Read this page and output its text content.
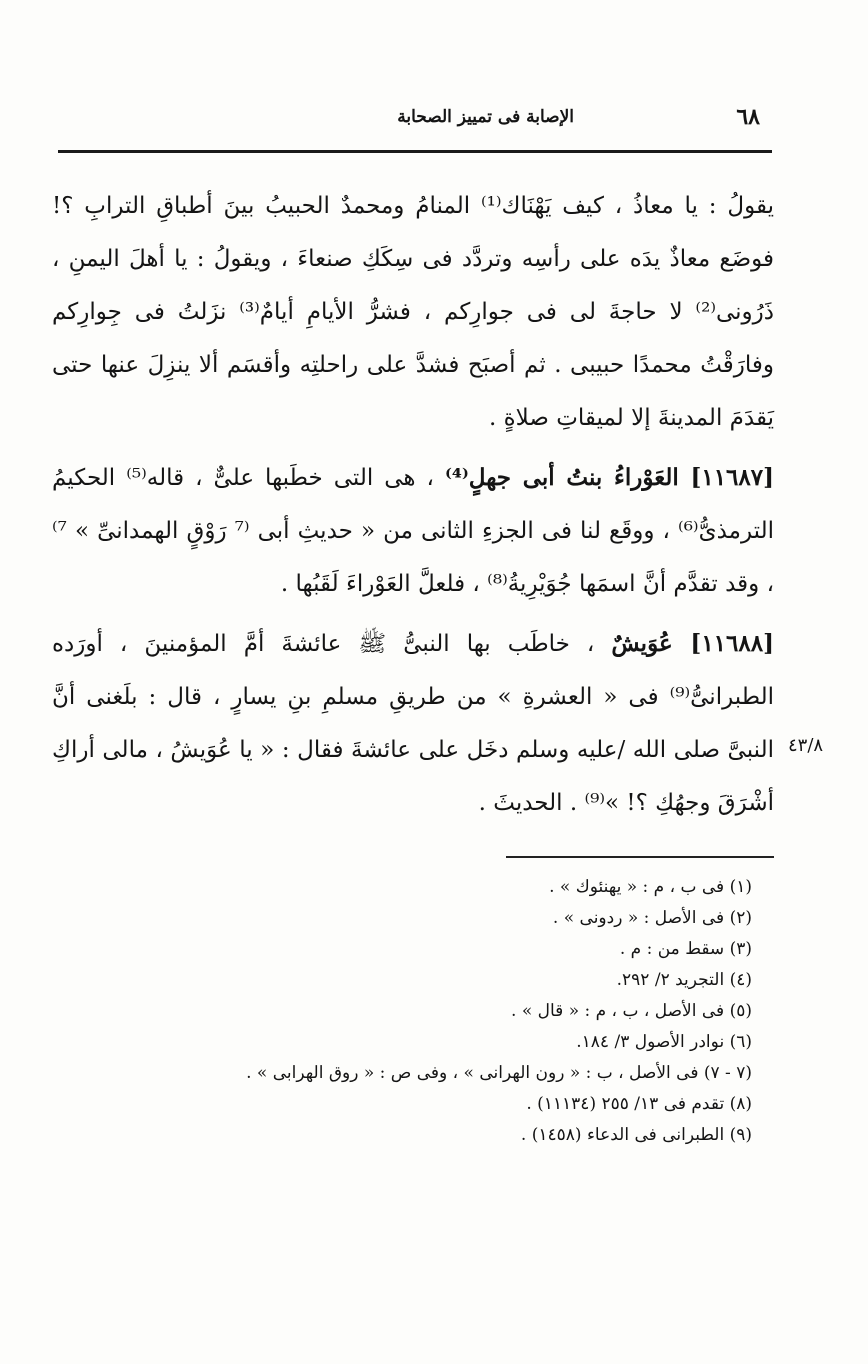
٦٨
الإصابة فى تمييز الصحابة

يقولُ : يا معاذُ ، كيف يَهْنَاك⁽¹⁾ المنامُ ومحمدٌ الحبيبُ بينَ أطباقِ الترابِ ؟! فوضَع معاذٌ يدَه على رأسِه وتردَّد فى سِكَكِ صنعاءَ ، ويقولُ : يا أهلَ اليمنِ ، ذَرُونى⁽²⁾ لا حاجةَ لى فى جوارِكم ، فشرُّ الأيامِ أيامٌ⁽³⁾ نزَلتُ فى جِوارِكم وفارَقْتُ محمدًا حبيبى . ثم أصبَح فشدَّ على راحلتِه وأقسَم ألا ينزِلَ عنها حتى يَقدَمَ المدينةَ إلا لميقاتِ صلاةٍ .

[١١٦٨٧] العَوْراءُ بنتُ أبى جهلٍ⁽⁴⁾ ، هى التى خطَبها علىٌّ ، قاله⁽⁵⁾ الحكيمُ الترمذىُّ⁽⁶⁾ ، ووقَع لنا فى الجزءِ الثانى من « حديثِ أبى ⁽⁷ رَوْقٍ الهمدانىِّ » ⁷⁾ ، وقد تقدَّم أنَّ اسمَها جُوَيْرِيةُ⁽⁸⁾ ، فلعلَّ العَوْراءَ لَقَبُها .

[١١٦٨٨] عُوَيشٌ ، خاطَب بها النبىُّ ﷺ عائشةَ أمَّ المؤمنينَ ، أورَده الطبرانىُّ⁽⁹⁾ فى « العشرةِ » من طريقِ مسلمِ بنِ يسارٍ ، قال : بلَغنى أنَّ النبىَّ صلى الله /عليه وسلم دخَل على عائشةَ فقال : « يا عُوَيشُ ، مالى أراكِ أشْرَقَ وجهُكِ ؟! »⁽⁹⁾ . الحديثَ .

٤٣/٨

(١) فى ب ، م : « يهنئوك » .

(٢) فى الأصل : « ردونى » .

(٣) سقط من : م .

(٤) التجريد ٢/ ٢٩٢.

(٥) فى الأصل ، ب ، م : « قال » .

(٦) نوادر الأصول ٣/ ١٨٤.

(٧ - ٧) فى الأصل ، ب : « رون الهرانى » ، وفى ص : « روق الهرابى » .

(٨) تقدم فى ١٣/ ٢٥٥ (١١١٣٤) .

(٩) الطبرانى فى الدعاء (١٤٥٨) .
